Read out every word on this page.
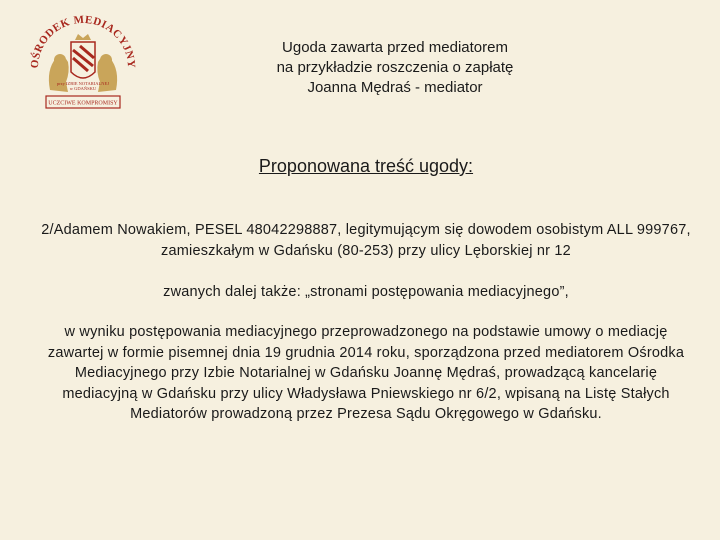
OŚRODEK MEDIACYJNY
przy IZBIE NOTARIALNEJ
w GDAŃSKU
UCZCIWE KOMPROMISY
Ugoda zawarta przed mediatorem
na przykładzie roszczenia o zapłatę
Joanna Mędraś - mediator
Proponowana treść ugody:
2/Adamem Nowakiem, PESEL 48042298887, legitymującym się dowodem osobistym ALL 999767, zamieszkałym w Gdańsku (80-253) przy ulicy Lęborskiej nr 12
zwanych dalej także: „stronami postępowania mediacyjnego”,
w wyniku postępowania mediacyjnego przeprowadzonego na podstawie umowy o mediację zawartej w formie pisemnej dnia 19 grudnia 2014 roku, sporządzona przed mediatorem Ośrodka Mediacyjnego przy Izbie Notarialnej w Gdańsku Joannę Mędraś, prowadzącą kancelarię mediacyjną w Gdańsku przy ulicy Władysława Pniewskiego nr 6/2, wpisaną na Listę Stałych Mediatorów prowadzoną przez Prezesa Sądu Okręgowego w Gdańsku.
